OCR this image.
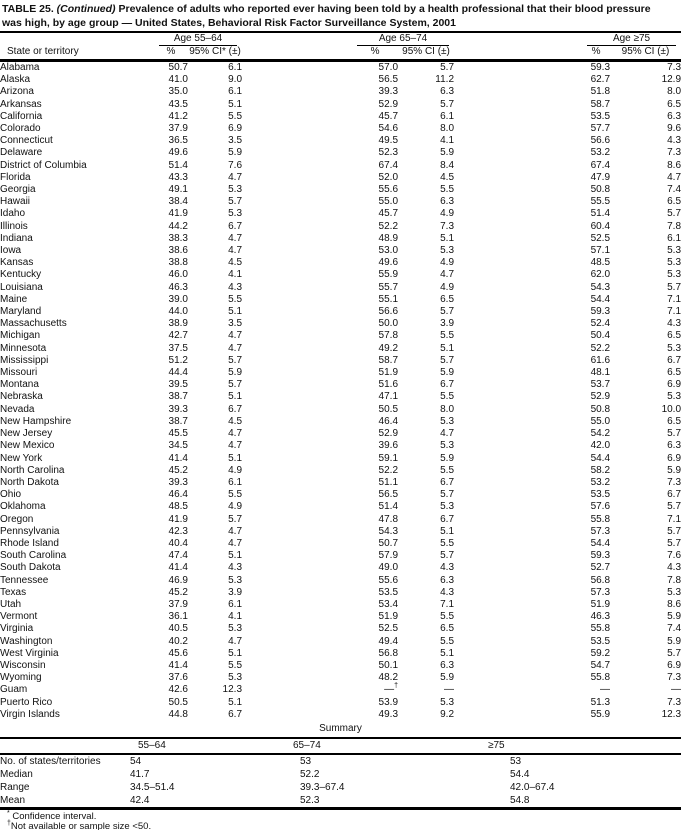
TABLE 25. (Continued) Prevalence of adults who reported ever having been told by a health professional that their blood pressure
was high, by age group — United States, Behavioral Risk Factor Surveillance System, 2001

	Age 55–64			Age 65–74			Age ≥75	

State or territory	%	95% CI* (±)		%	95% CI (±)		%	95% CI (±)
Alabama	50.7	6.1		57.0	5.7		59.3	7.3
Alaska	41.0	9.0		56.5	11.2		62.7	12.9
Arizona	35.0	6.1		39.3	6.3		51.8	8.0
Arkansas	43.5	5.1		52.9	5.7		58.7	6.5
California	41.2	5.5		45.7	6.1		53.5	6.3
Colorado	37.9	6.9		54.6	8.0		57.7	9.6
Connecticut	36.5	3.5		49.5	4.1		56.6	4.3
Delaware	49.6	5.9		52.3	5.9		53.2	7.3
District of Columbia	51.4	7.6		67.4	8.4		67.4	8.6
Florida	43.3	4.7		52.0	4.5		47.9	4.7
Georgia	49.1	5.3		55.6	5.5		50.8	7.4
Hawaii	38.4	5.7		55.0	6.3		55.5	6.5
Idaho	41.9	5.3		45.7	4.9		51.4	5.7
Illinois	44.2	6.7		52.2	7.3		60.4	7.8
Indiana	38.3	4.7		48.9	5.1		52.5	6.1
Iowa	38.6	4.7		53.0	5.3		57.1	5.3
Kansas	38.8	4.5		49.6	4.9		48.5	5.3
Kentucky	46.0	4.1		55.9	4.7		62.0	5.3
Louisiana	46.3	4.3		55.7	4.9		54.3	5.7
Maine	39.0	5.5		55.1	6.5		54.4	7.1
Maryland	44.0	5.1		56.6	5.7		59.3	7.1
Massachusetts	38.9	3.5		50.0	3.9		52.4	4.3
Michigan	42.7	4.7		57.8	5.5		50.4	6.5
Minnesota	37.5	4.7		49.2	5.1		52.2	5.3
Mississippi	51.2	5.7		58.7	5.7		61.6	6.7
Missouri	44.4	5.9		51.9	5.9		48.1	6.5
Montana	39.5	5.7		51.6	6.7		53.7	6.9
Nebraska	38.7	5.1		47.1	5.5		52.9	5.3
Nevada	39.3	6.7		50.5	8.0		50.8	10.0
New Hampshire	38.7	4.5		46.4	5.3		55.0	6.5
New Jersey	45.5	4.7		52.9	4.7		54.2	5.7
New Mexico	34.5	4.7		39.6	5.3		42.0	6.3
New York	41.4	5.1		59.1	5.9		54.4	6.9
North Carolina	45.2	4.9		52.2	5.5		58.2	5.9
North Dakota	39.3	6.1		51.1	6.7		53.2	7.3
Ohio	46.4	5.5		56.5	5.7		53.5	6.7
Oklahoma	48.5	4.9		51.4	5.3		57.6	5.7
Oregon	41.9	5.7		47.8	6.7		55.8	7.1
Pennsylvania	42.3	4.7		54.3	5.1		57.3	5.7
Rhode Island	40.4	4.7		50.7	5.5		54.4	5.7
South Carolina	47.4	5.1		57.9	5.7		59.3	7.6
South Dakota	41.4	4.3		49.0	4.3		52.7	4.3
Tennessee	46.9	5.3		55.6	6.3		56.8	7.8
Texas	45.2	3.9		53.5	4.3		57.3	5.3
Utah	37.9	6.1		53.4	7.1		51.9	8.6
Vermont	36.1	4.1		51.9	5.5		46.3	5.9
Virginia	40.5	5.3		52.5	6.5		55.8	7.4
Washington	40.2	4.7		49.4	5.5		53.5	5.9
West Virginia	45.6	5.1		56.8	5.1		59.2	5.7
Wisconsin	41.4	5.5		50.1	6.3		54.7	6.9
Wyoming	37.6	5.3		48.2	5.9		55.8	7.3
Guam	42.6	12.3		—†	—		—	—
Puerto Rico	50.5	5.1		53.9	5.3		51.3	7.3
Virgin Islands	44.8	6.7		49.3	9.2		55.9	12.3
Summary
	55–64	65–74	≥75
No. of states/territories	54	53	53
Median	41.7	52.2	54.4
Range	34.5–51.4	39.3–67.4	42.0–67.4
Mean	42.4	52.3	54.8
* Confidence interval.
†Not available or sample size <50.
